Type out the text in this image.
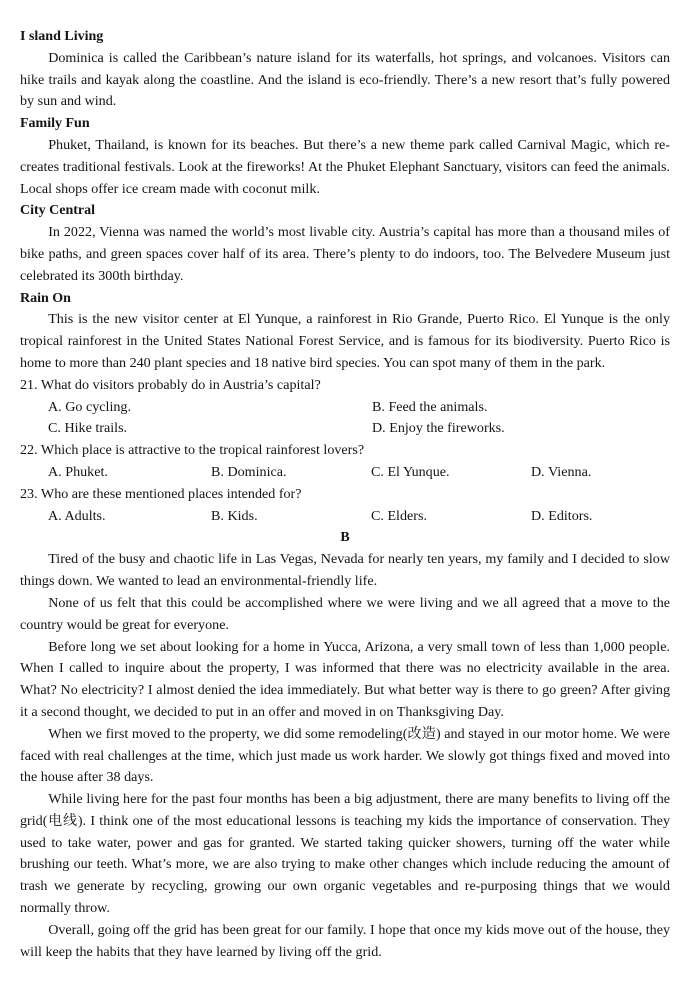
I sland Living

Dominica is called the Caribbean’s nature island for its waterfalls, hot springs, and volcanoes. Visitors can hike trails and kayak along the coastline. And the island is eco-friendly. There’s a new resort that’s fully powered by sun and wind.

Family Fun

Phuket, Thailand, is known for its beaches. But there’s a new theme park called Carnival Magic, which re-creates traditional festivals. Look at the fireworks! At the Phuket Elephant Sanctuary, visitors can feed the animals. Local shops offer ice cream made with coconut milk.

City Central

In 2022, Vienna was named the world’s most livable city. Austria’s capital has more than a thousand miles of bike paths, and green spaces cover half of its area. There’s plenty to do indoors, too. The Belvedere Museum just celebrated its 300th birthday.

Rain On

This is the new visitor center at El Yunque, a rainforest in Rio Grande, Puerto Rico. El Yunque is the only tropical rainforest in the United States National Forest Service, and is famous for its biodiversity. Puerto Rico is home to more than 240 plant species and 18 native bird species. You can spot many of them in the park.

21. What do visitors probably do in Austria’s capital?

A. Go cycling.	B. Feed the animals.
C. Hike trails.	D. Enjoy the fireworks.

22. Which place is attractive to the tropical rainforest lovers?

A. Phuket.	B. Dominica.	C. El Yunque.	D. Vienna.

23. Who are these mentioned places intended for?

A. Adults.	B. Kids.	C. Elders.	D. Editors.

B

Tired of the busy and chaotic life in Las Vegas, Nevada for nearly ten years, my family and I decided to slow things down. We wanted to lead an environmental-friendly life.

None of us felt that this could be accomplished where we were living and we all agreed that a move to the country would be great for everyone.

Before long we set about looking for a home in Yucca, Arizona, a very small town of less than 1,000 people. When I called to inquire about the property, I was informed that there was no electricity available in the area. What? No electricity? I almost denied the idea immediately. But what better way is there to go green? After giving it a second thought, we decided to put in an offer and moved in on Thanksgiving Day.

When we first moved to the property, we did some remodeling(改造) and stayed in our motor home. We were faced with real challenges at the time, which just made us work harder. We slowly got things fixed and moved into the house after 38 days.

While living here for the past four months has been a big adjustment, there are many benefits to living off the grid(电线). I think one of the most educational lessons is teaching my kids the importance of conservation. They used to take water, power and gas for granted. We started taking quicker showers, turning off the water while brushing our teeth. What’s more, we are also trying to make other changes which include reducing the amount of trash we generate by recycling, growing our own organic vegetables and re-purposing things that we would normally throw.

Overall, going off the grid has been great for our family. I hope that once my kids move out of the house, they will keep the habits that they have learned by living off the grid.
